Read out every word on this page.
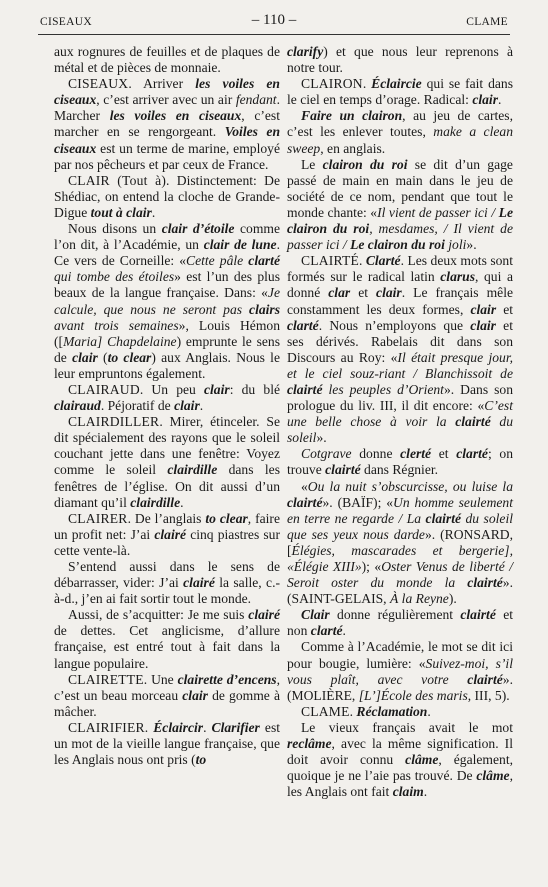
CISEAUX	– 110 –	CLAME

aux rognures de feuilles et de plaques de métal et de pièces de monnaie.

CISEAUX. Arriver les voiles en ciseaux, c’est arriver avec un air fendant. Marcher les voiles en ciseaux, c’est marcher en se rengorgeant. Voiles en ciseaux est un terme de marine, employé par nos pêcheurs et par ceux de France.

CLAIR (Tout à). Distinctement: De Shédiac, on entend la cloche de Grande-Digue tout à clair.

Nous disons un clair d’étoile comme l’on dit, à l’Académie, un clair de lune. Ce vers de Corneille: «Cette pâle clarté qui tombe des étoiles» est l’un des plus beaux de la langue française. Dans: «Je calcule, que nous ne seront pas clairs avant trois semaines», Louis Hémon ([Maria] Chapdelaine) emprunte le sens de clair (to clear) aux Anglais. Nous le leur empruntons également.

CLAIRAUD. Un peu clair: du blé clairaud. Péjoratif de clair.

CLAIRDILLER. Mirer, étinceler. Se dit spécialement des rayons que le soleil couchant jette dans une fenêtre: Voyez comme le soleil clairdille dans les fenêtres de l’église. On dit aussi d’un diamant qu’il clairdille.

CLAIRER. De l’anglais to clear, faire un profit net: J’ai clairé cinq piastres sur cette vente-là.

S’entend aussi dans le sens de débarrasser, vider: J’ai clairé la salle, c.-à-d., j’en ai fait sortir tout le monde.

Aussi, de s’acquitter: Je me suis clairé de dettes. Cet anglicisme, d’allure française, est entré tout à fait dans la langue populaire.

CLAIRETTE. Une clairette d’encens, c’est un beau morceau clair de gomme à mâcher.

CLAIRIFIER. Éclaircir. Clarifier est un mot de la vieille langue française, que les Anglais nous ont pris (to

clarify) et que nous leur reprenons à notre tour.

CLAIRON. Éclaircie qui se fait dans le ciel en temps d’orage. Radical: clair.

Faire un clairon, au jeu de cartes, c’est les enlever toutes, make a clean sweep, en anglais.

Le clairon du roi se dit d’un gage passé de main en main dans le jeu de société de ce nom, pendant que tout le monde chante: «Il vient de passer ici / Le clairon du roi, mesdames, / Il vient de passer ici / Le clairon du roi joli».

CLAIRTÉ. Clarté. Les deux mots sont formés sur le radical latin clarus, qui a donné clar et clair. Le français mêle constamment les deux formes, clair et clarté. Nous n’employons que clair et ses dérivés. Rabelais dit dans son Discours au Roy: «Il était presque jour, et le ciel souz-riant / Blanchissoit de clairté les peuples d’Orient». Dans son prologue du liv. III, il dit encore: «C’est une belle chose à voir la clairté du soleil».

Cotgrave donne clerté et clarté; on trouve clairté dans Régnier.

«Ou la nuit s’obscurcisse, ou luise la clairté». (BAÏF); «Un homme seulement en terre ne regarde / La clairté du soleil que ses yeux nous darde». (RONSARD, [Élégies, mascarades et bergerie], «Élégie XIII»); «Oster Venus de liberté / Seroit oster du monde la clairté». (SAINT-GELAIS, À la Reyne).

Clair donne régulièrement clairté et non clarté.

Comme à l’Académie, le mot se dit ici pour bougie, lumière: «Suivez-moi, s’il vous plaît, avec votre clairté». (MOLIÈRE, [L’]École des maris, III, 5).

CLAME. Réclamation.

Le vieux français avait le mot reclâme, avec la même signification. Il doit avoir connu clâme, également, quoique je ne l’aie pas trouvé. De clâme, les Anglais ont fait claim.
